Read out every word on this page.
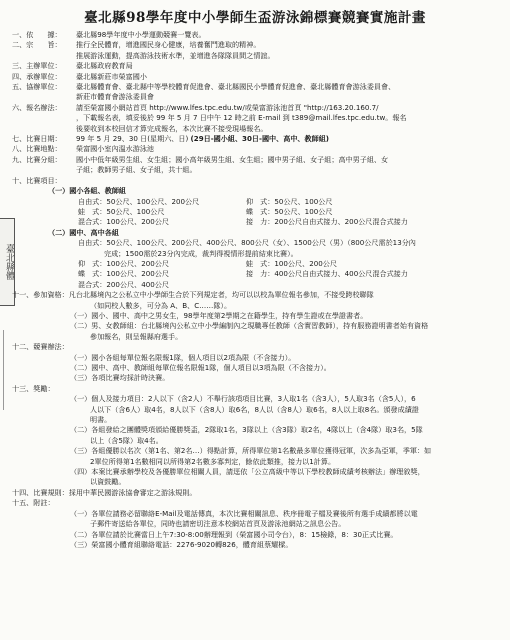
臺北縣98學年度中小學師生盃游泳錦標賽競賽實施計畫
臺北縣體
一、依　　據：	臺北縣98學年度中小學運動競賽一覽表。
二、宗　　旨：	推行全民體育，增進國民身心健康，培養奮鬥進取的精神。
推展游泳運動，提高游泳技術水準，並增進各隊隊員間之情誼。
三、主辦單位：	臺北縣政府教育局
四、承辦單位：	臺北縣新莊市榮富國小
五、協辦單位：	臺北縣體育會、臺北縣中等學校體育促進會、臺北縣國民小學體育促進會、臺北縣體育會游泳委員會、
新莊市體育會游泳委員會
六、報名辦法：	請至榮富國小網站首頁 http://www.lfes.tpc.edu.tw/或榮富游泳池首頁 "http://163.20.160.7/
，下載報名表，填妥後於 99 年 5 月 7 日中午 12 時之前 E-mail 到 t389@mail.lfes.tpc.edu.tw。報名
後要收到本校回信才算完成報名，本次比賽不接受現場報名。
七、比賽日期：	99 年 5 月 29、30 日(星期六、日) (29日-國小組、30日-國中、高中、教師組)
八、比賽地點：	榮富國小室內溫水游泳池
九、比賽分組：	國小中低年級男生組、女生組；國小高年級男生組、女生組；國中男子組、女子組；高中男子組、女
子組；教師男子組、女子組，共十組。
十、比賽項目：
（一）國小各組、教師組
自由式：50公尺、100公尺、200公尺	仰　式：50公尺、100公尺
蛙　式：50公尺、100公尺	蝶　式：50公尺、100公尺
混合式：100公尺、200公尺	接　力：200公尺自由式接力、200公尺混合式接力
（二）國中、高中各組
自由式：50公尺、100公尺、200公尺、400公尺、800公尺（女）、1500公尺（男）（800公尺需於13分內
完成；1500需於23分內完成，裁判得視情形提前結束比賽）。
仰　式：100公尺、200公尺	蛙　式：100公尺、200公尺
蝶　式：100公尺、200公尺	接　力：400公尺自由式接力、400公尺混合式接力
混合式：200公尺、400公尺
十一、參加資格： 凡台北縣境內之公私立中小學師生合於下列規定者，均可以以校為單位報名參加，不接受跨校聯隊
（如同校人數多，可分為 A、B、C……隊）。
（一）國小、國中、高中之男女生，98學年度第2學期之在籍學生，持有學生證或在學證書者。
（二）男、女教師組：台北縣境內公私立中小學編制內之現職專任教師（含實習教師），持有服務證明書者始有資格
參加報名，則呈報縣府選手。
十二、競賽辦法：
（一）國小各組每單位報名限報1隊，個人項目以2項為限（不含接力）。
（二）國中、高中、教師組每單位報名限報1隊，個人項目以3項為限（不含接力）。
（三）各項比賽均採計時決賽。
十三、獎勵：
（一）個人及接力項目：2人以下（含2人）不舉行該項項目比賽，3人取1名（含3人），5人取3名（含5人），6
人以下（含6人）取4名，8人以下（含8人）取6名，8人以（含8人）取6名，8人以上取8名。頒發成績證
明書。
（二）各組發給之團體獎項頒給優勝獎盃，2隊取1名，3隊以上（含3隊）取2名，4隊以上（含4隊）取3名，5隊
以上（含5隊）取4名。
（三）各組優勝以名次（第1名、第2名…）得點計算，所得單位第1名數最多單位獲得冠軍，次多為亞軍，季軍：如
2單位所得第1名數相同以所得第2名數多寡判定，餘依此類推，接力以1計算。
（四）本案比賽承辦學校及各優勝單位相關人員，請逕依「公立高級中等以下學校教師成績考核辦法」辦理敘獎，
以資鼓勵。
十四、比賽規則： 採用中華民國游泳協會審定之游泳規則。
十五、附註：
（一）各單位請務必留聯絡E-Mail及電話傳真，本次比賽相關訊息、秩序冊電子檔及賽後所有選手成績都將以電
子郵件寄送給各單位，同時也請密切注意本校網站首頁及游泳池網站之訊息公告。
（二）各單位請於比賽當日上午7:30-8:00辦理報到（榮富國小司令台），8：15檢錄，8：30正式比賽。
（三）榮富國小體育組聯絡電話：2276-9020轉826，體育組蔡耀樑。
